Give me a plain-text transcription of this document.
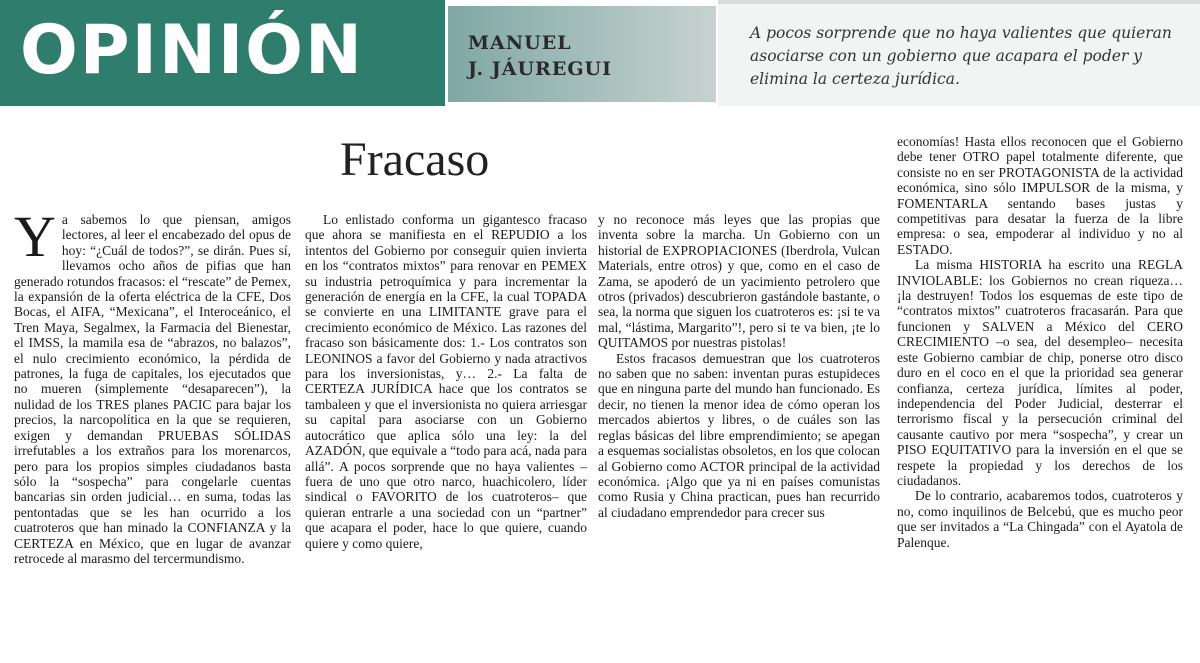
OPINIÓN	MANUEL
J. JÁUREGUI
A pocos sorprende que no haya valientes que quieran asociarse con un gobierno que acapara el poder y elimina la certeza jurídica.
Fracaso

Ya sabemos lo que piensan, amigos lectores, al leer el encabezado del opus de hoy: “¿Cuál de todos?”, se dirán. Pues sí, llevamos ocho años de pifias que han generado rotundos fracasos: el “rescate” de Pemex, la expansión de la oferta eléctrica de la CFE, Dos Bocas, el AIFA, “Mexicana”, el Interoceánico, el Tren Maya, Segalmex, la Farmacia del Bienestar, el IMSS, la mamila esa de “abrazos, no balazos”, el nulo crecimiento económico, la pérdida de patrones, la fuga de capitales, los ejecutados que no mueren (simplemente “desaparecen”), la nulidad de los TRES planes PACIC para bajar los precios, la narcopolítica en la que se requieren, exigen y demandan PRUEBAS SÓLIDAS irrefutables a los extraños para los morenarcos, pero para los propios simples ciudadanos basta sólo la “sospecha” para congelarle cuentas bancarias sin orden judicial… en suma, todas las pentontadas que se les han ocurrido a los cuatroteros que han minado la CONFIANZA y la CERTEZA en México, que en lugar de avanzar retrocede al marasmo del tercermundismo.

Lo enlistado conforma un gigantesco fracaso que ahora se manifiesta en el REPUDIO a los intentos del Gobierno por conseguir quien invierta en los “contratos mixtos” para renovar en PEMEX su industria petroquímica y para incrementar la generación de energía en la CFE, la cual TOPADA se convierte en una LIMITANTE grave para el crecimiento económico de México. Las razones del fracaso son básicamente dos: 1.- Los contratos son LEONINOS a favor del Gobierno y nada atractivos para los inversionistas, y… 2.- La falta de CERTEZA JURÍDICA hace que los contratos se tambaleen y que el inversionista no quiera arriesgar su capital para asociarse con un Gobierno autocrático que aplica sólo una ley: la del AZADÓN, que equivale a “todo para acá, nada para allá”. A pocos sorprende que no haya valientes –fuera de uno que otro narco, huachicolero, líder sindical o FAVORITO de los cuatroteros– que quieran entrarle a una sociedad con un “partner” que acapara el poder, hace lo que quiere, cuando quiere y como quiere,

y no reconoce más leyes que las propias que inventa sobre la marcha. Un Gobierno con un historial de EXPROPIACIONES (Iberdrola, Vulcan Materials, entre otros) y que, como en el caso de Zama, se apoderó de un yacimiento petrolero que otros (privados) descubrieron gastándole bastante, o sea, la norma que siguen los cuatroteros es: ¡si te va mal, “lástima, Margarito”!, pero si te va bien, ¡te lo QUITAMOS por nuestras pistolas!

Estos fracasos demuestran que los cuatroteros no saben que no saben: inventan puras estupideces que en ninguna parte del mundo han funcionado. Es decir, no tienen la menor idea de cómo operan los mercados abiertos y libres, o de cuáles son las reglas básicas del libre emprendimiento; se apegan a esquemas socialistas obsoletos, en los que colocan al Gobierno como ACTOR principal de la actividad económica. ¡Algo que ya ni en países comunistas como Rusia y China practican, pues han recurrido al ciudadano emprendedor para crecer sus

economías! Hasta ellos reconocen que el Gobierno debe tener OTRO papel totalmente diferente, que consiste no en ser PROTAGONISTA de la actividad económica, sino sólo IMPULSOR de la misma, y FOMENTARLA sentando bases justas y competitivas para desatar la fuerza de la libre empresa: o sea, empoderar al individuo y no al ESTADO.

La misma HISTORIA ha escrito una REGLA INVIOLABLE: los Gobiernos no crean riqueza… ¡la destruyen! Todos los esquemas de este tipo de “contratos mixtos” cuatroteros fracasarán. Para que funcionen y SALVEN a México del CERO CRECIMIENTO –o sea, del desempleo– necesita este Gobierno cambiar de chip, ponerse otro disco duro en el coco en el que la prioridad sea generar confianza, certeza jurídica, límites al poder, independencia del Poder Judicial, desterrar el terrorismo fiscal y la persecución criminal del causante cautivo por mera “sospecha”, y crear un PISO EQUITATIVO para la inversión en el que se respete la propiedad y los derechos de los ciudadanos.

De lo contrario, acabaremos todos, cuatroteros y no, como inquilinos de Belcebú, que es mucho peor que ser invitados a “La Chingada” con el Ayatola de Palenque.
